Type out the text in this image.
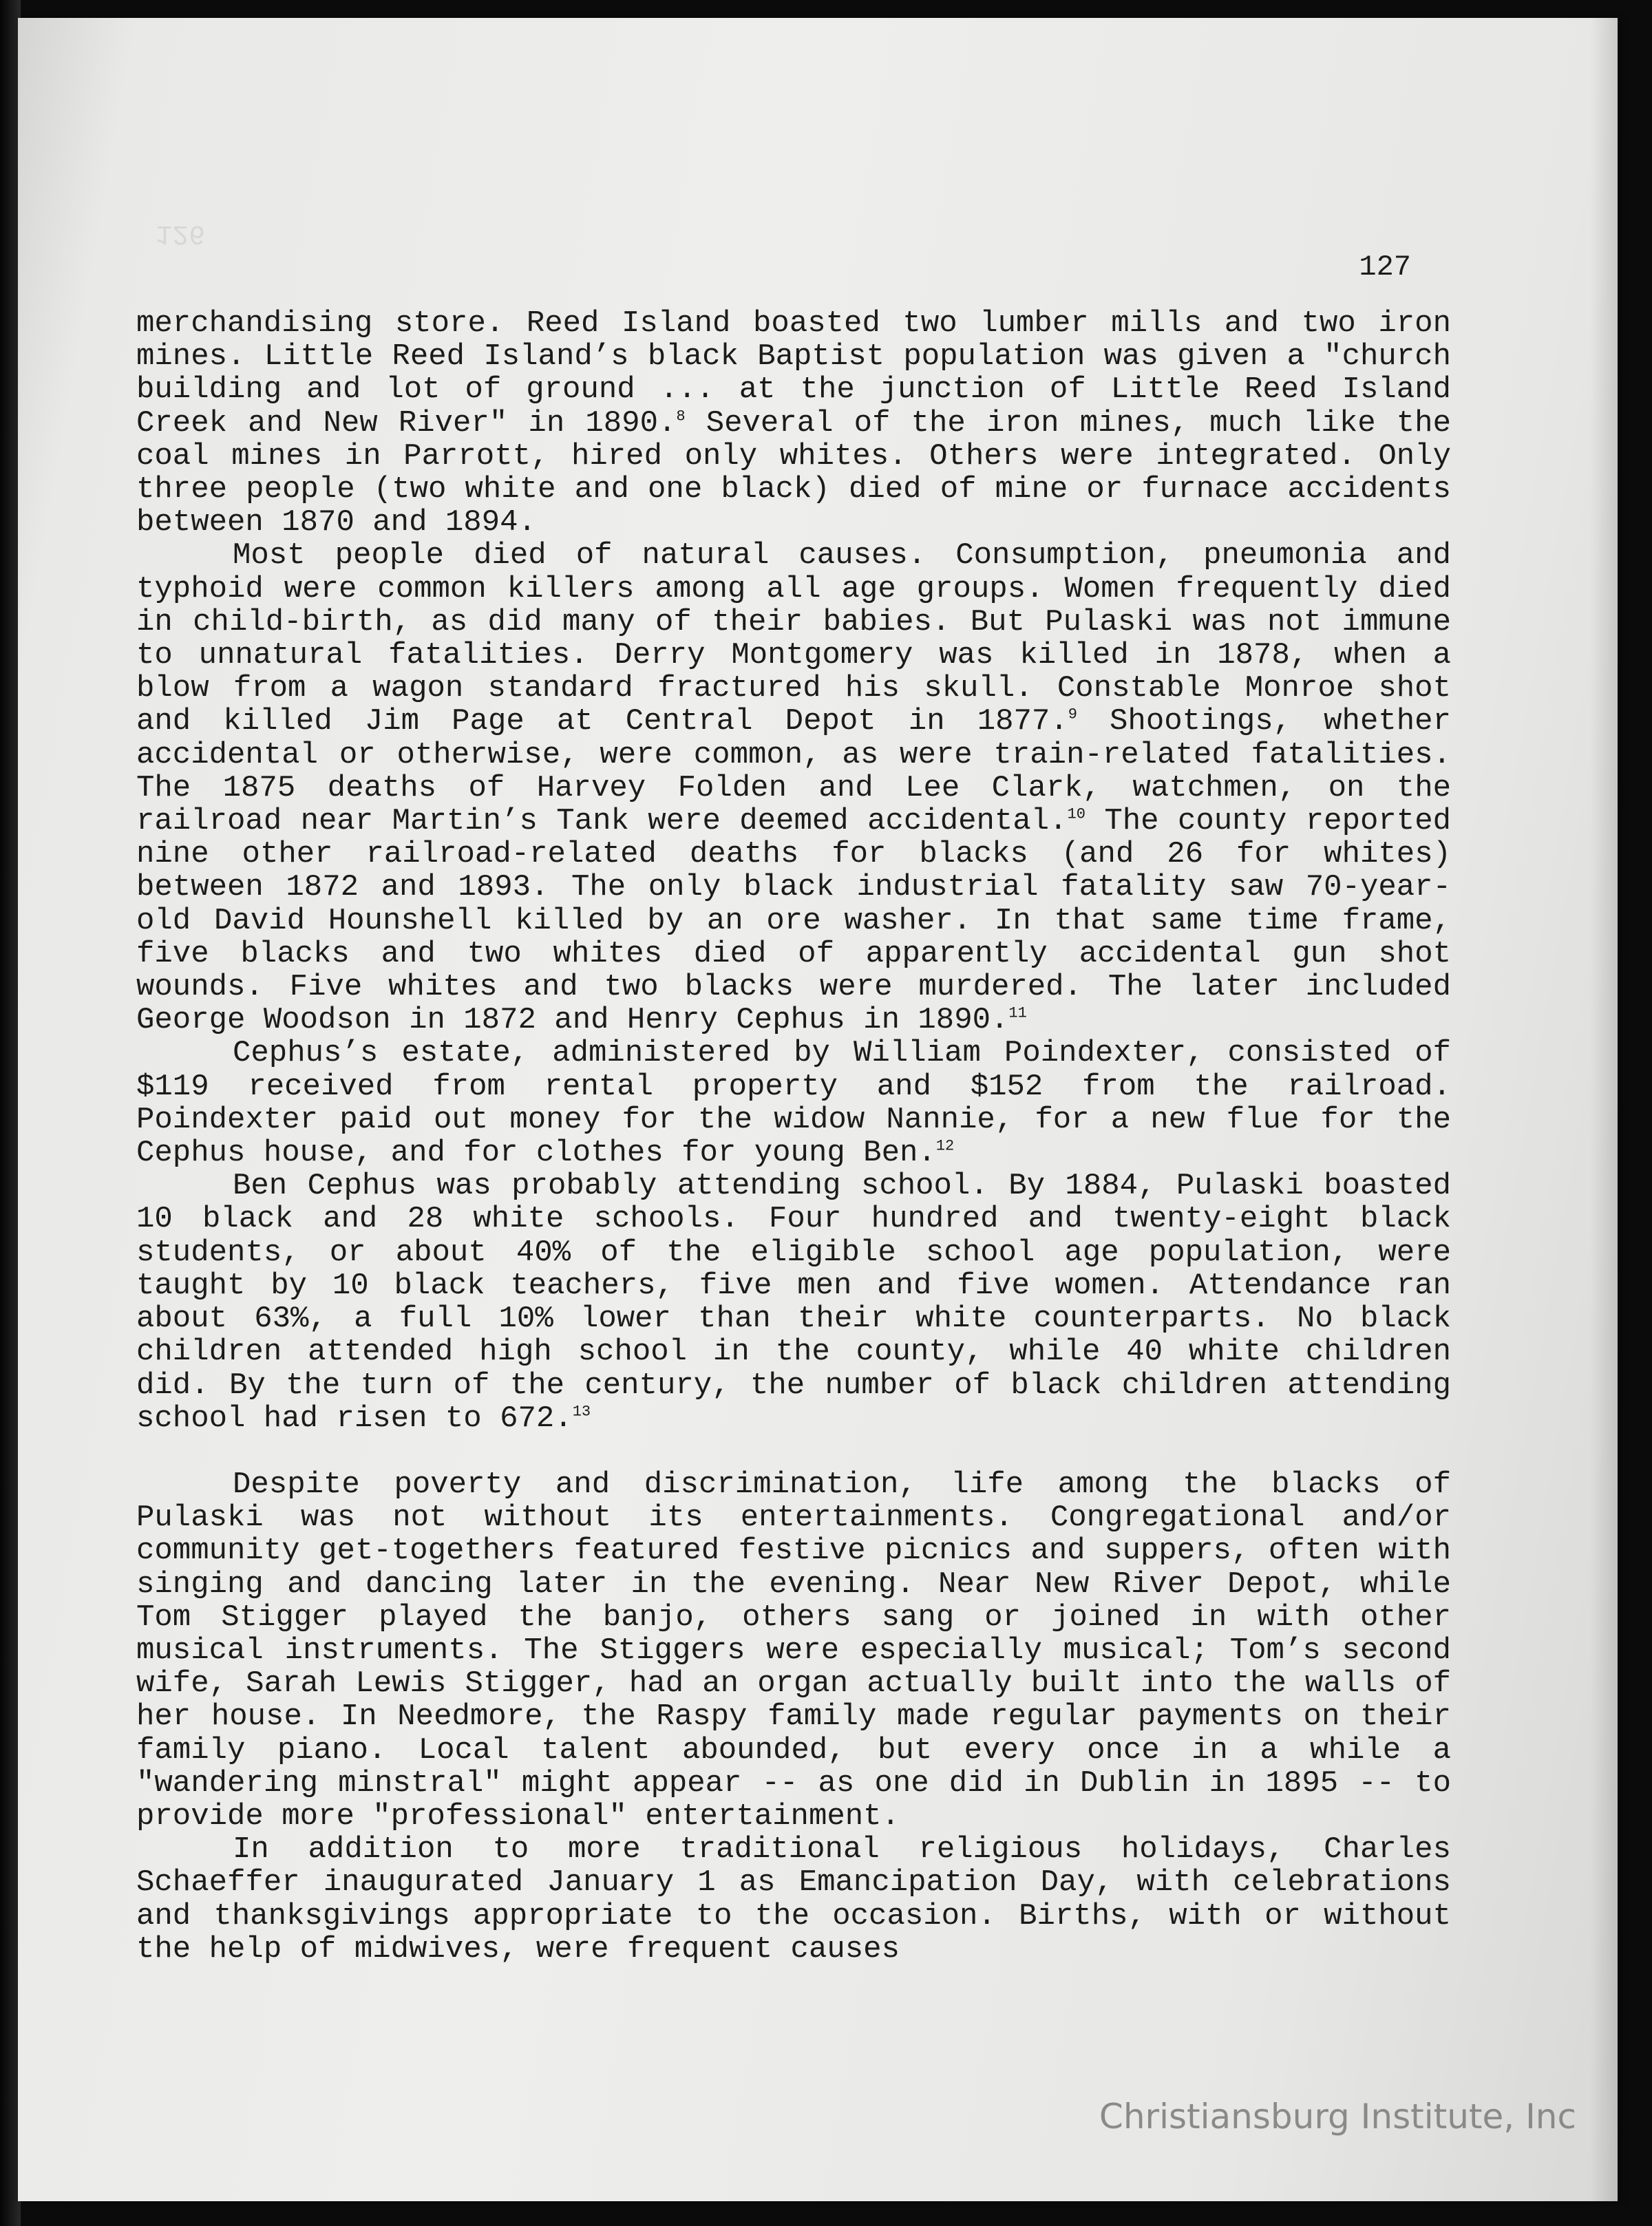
126
127

merchandising store. Reed Island boasted two lumber mills and two iron mines. Little Reed Island’s black Baptist population was given a "church building and lot of ground ... at the junction of Little Reed Island Creek and New River" in 1890.$^8$ Several of the iron mines, much like the coal mines in Parrott, hired only whites. Others were integrated. Only three people (two white and one black) died of mine or furnace accidents between 1870 and 1894.

Most people died of natural causes. Consumption, pneumonia and typhoid were common killers among all age groups. Women frequently died in child-birth, as did many of their babies. But Pulaski was not immune to unnatural fatalities. Derry Montgomery was killed in 1878, when a blow from a wagon standard fractured his skull. Constable Monroe shot and killed Jim Page at Central Depot in 1877.$^9$ Shootings, whether accidental or otherwise, were common, as were train-related fatalities. The 1875 deaths of Harvey Folden and Lee Clark, watchmen, on the railroad near Martin’s Tank were deemed accidental.$^{10}$ The county reported nine other railroad-related deaths for blacks (and 26 for whites) between 1872 and 1893. The only black industrial fatality saw 70-year-old David Hounshell killed by an ore washer. In that same time frame, five blacks and two whites died of apparently accidental gun shot wounds. Five whites and two blacks were murdered. The later included George Woodson in 1872 and Henry Cephus in 1890.11

Cephus’s estate, administered by William Poindexter, consisted of $119 received from rental property and $152 from the railroad. Poindexter paid out money for the widow Nannie, for a new flue for the Cephus house, and for clothes for young Ben.$^{12}$

Ben Cephus was probably attending school. By 1884, Pulaski boasted 10 black and 28 white schools. Four hundred and twenty-eight black students, or about 40% of the eligible school age population, were taught by 10 black teachers, five men and five women. Attendance ran about 63%, a full 10% lower than their white counterparts. No black children attended high school in the county, while 40 white children did. By the turn of the century, the number of black children attending school had risen to 672.13

Despite poverty and discrimination, life among the blacks of Pulaski was not without its entertainments. Congregational and/or community get-togethers featured festive picnics and suppers, often with singing and dancing later in the evening. Near New River Depot, while Tom Stigger played the banjo, others sang or joined in with other musical instruments. The Stiggers were especially musical; Tom’s second wife, Sarah Lewis Stigger, had an organ actually built into the walls of her house. In Needmore, the Raspy family made regular payments on their family piano. Local talent abounded, but every once in a while a "wandering minstral" might appear -- as one did in Dublin in 1895 -- to provide more "professional" entertainment.

In addition to more traditional religious holidays, Charles Schaeffer inaugurated January 1 as Emancipation Day, with celebrations and thanksgivings appropriate to the occasion. Births, with or without the help of midwives, were frequent causes

Christiansburg Institute, Inc
